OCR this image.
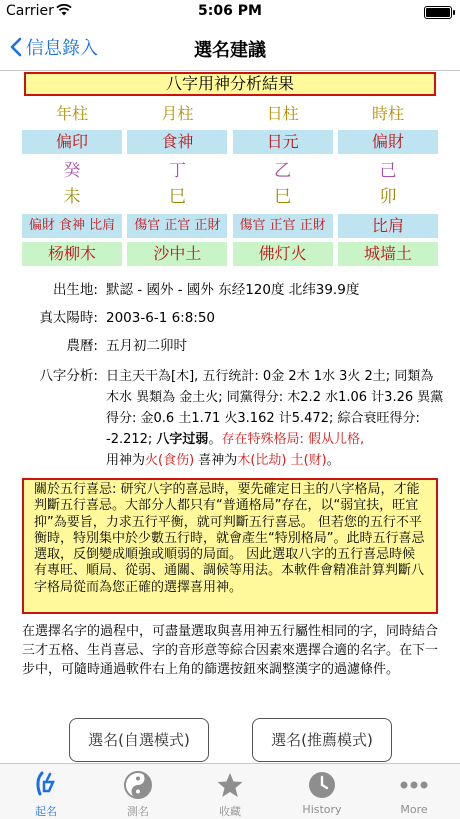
Carrier	5:06 PM
信息錄入	選名建議
八字用神分析結果
年柱	月柱	日柱	時柱
偏印	食神	日元	偏財
癸	丁	乙	己
未	巳	巳	卯
偏財 食神 比肩	傷官 正官 正財	傷官 正官 正財	比肩
杨柳木	沙中土	佛灯火	城墙土
出生地: 默認 - 國外 - 國外 东经120度 北纬39.9度
真太陽時: 2003-6-1 6:8:50
農曆: 五月初二卯时
八字分析: 日主天干為[木], 五行统計: 0金 2木 1水 3火 2土; 同類為 木水 異類為 金土火; 同黨得分: 木2.2 水1.06 计3.26 異黨得分: 金0.6 土1.71 火3.162 计5.472; 綜合衰旺得分: -2.212; 八字过弱。存在特殊格局: 假从儿格,
用神为火(食伤) 喜神为木(比劫) 土(财)。
關於五行喜忌: 研究八字的喜忌時，要先確定日主的八字格局，才能判斷五行喜忌。大部分人都只有“普通格局”存在，以“弱宜扶，旺宜抑”為要旨，力求五行平衡，就可判斷五行喜忌。 但若您的五行不平衡時，特別集中於少數五行時，就會產生“特別格局”。此時五行喜忌選取，反倒變成順強或順弱的局面。 因此選取八字的五行喜忌時候有專旺、順局、從弱、通關、調候等用法。本軟件會精准計算判斷八字格局從而為您正確的選擇喜用神。
在選擇名字的過程中，可盡量選取與喜用神五行屬性相同的字，同時結合三才五格、生肖喜忌、字的音形意等綜合因素來選擇合適的名字。在下一步中，可隨時通過軟件右上角的篩選按鈕來調整漢字的過濾條件。
選名(自選模式)	選名(推薦模式)
起名	測名	收藏	History	More
